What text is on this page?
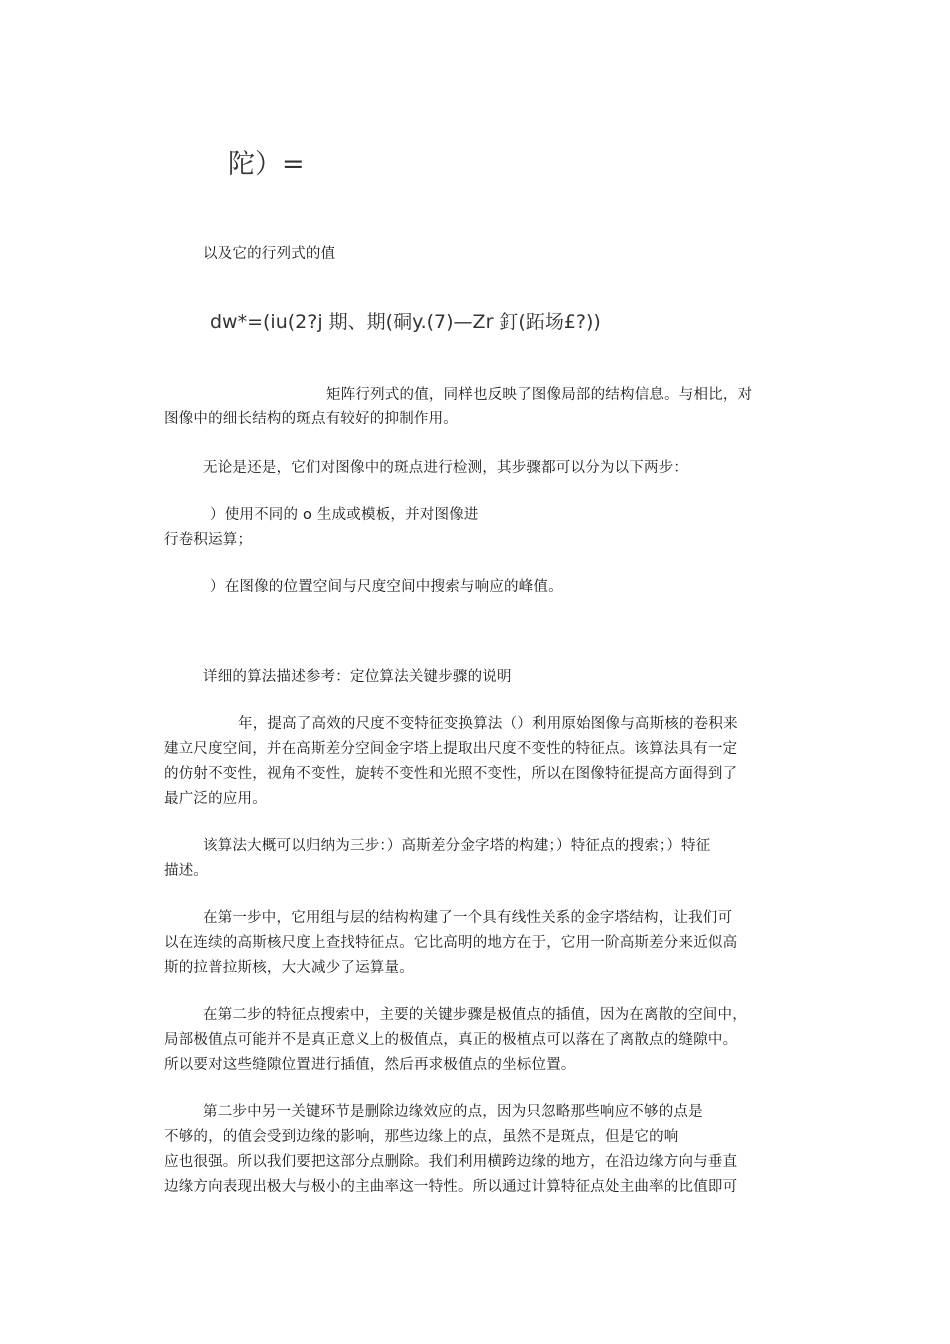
陀）=
以及它的行列式的值
dw*=(iu(2?j 期、期(硐y.(7)—Zr 釘(跖场£?))
矩阵行列式的值，同样也反映了图像局部的结构信息。与相比，对
图像中的细长结构的斑点有较好的抑制作用。
无论是还是，它们对图像中的斑点进行检测，其步骤都可以分为以下两步：
）使用不同的 o 生成或模板，并对图像进
行卷积运算；
）在图像的位置空间与尺度空间中搜索与响应的峰值。
详细的算法描述参考：定位算法关键步骤的说明
年，提高了高效的尺度不变特征变换算法（）利用原始图像与高斯核的卷积来
建立尺度空间，并在高斯差分空间金字塔上提取出尺度不变性的特征点。该算法具有一定
的仿射不变性，视角不变性，旋转不变性和光照不变性，所以在图像特征提高方面得到了
最广泛的应用。
该算法大概可以归纳为三步：）高斯差分金字塔的构建；）特征点的搜索；）特征
描述。
在第一步中，它用组与层的结构构建了一个具有线性关系的金字塔结构，让我们可
以在连续的高斯核尺度上查找特征点。它比高明的地方在于，它用一阶高斯差分来近似高
斯的拉普拉斯核，大大减少了运算量。
在第二步的特征点搜索中，主要的关键步骤是极值点的插值，因为在离散的空间中，
局部极值点可能并不是真正意义上的极值点，真正的极植点可以落在了离散点的缝隙中。
所以要对这些缝隙位置进行插值，然后再求极值点的坐标位置。
第二步中另一关键环节是删除边缘效应的点，因为只忽略那些响应不够的点是
不够的，的值会受到边缘的影响，那些边缘上的点，虽然不是斑点，但是它的响
应也很强。所以我们要把这部分点删除。我们利用横跨边缘的地方，在沿边缘方向与垂直
边缘方向表现出极大与极小的主曲率这一特性。所以通过计算特征点处主曲率的比值即可
